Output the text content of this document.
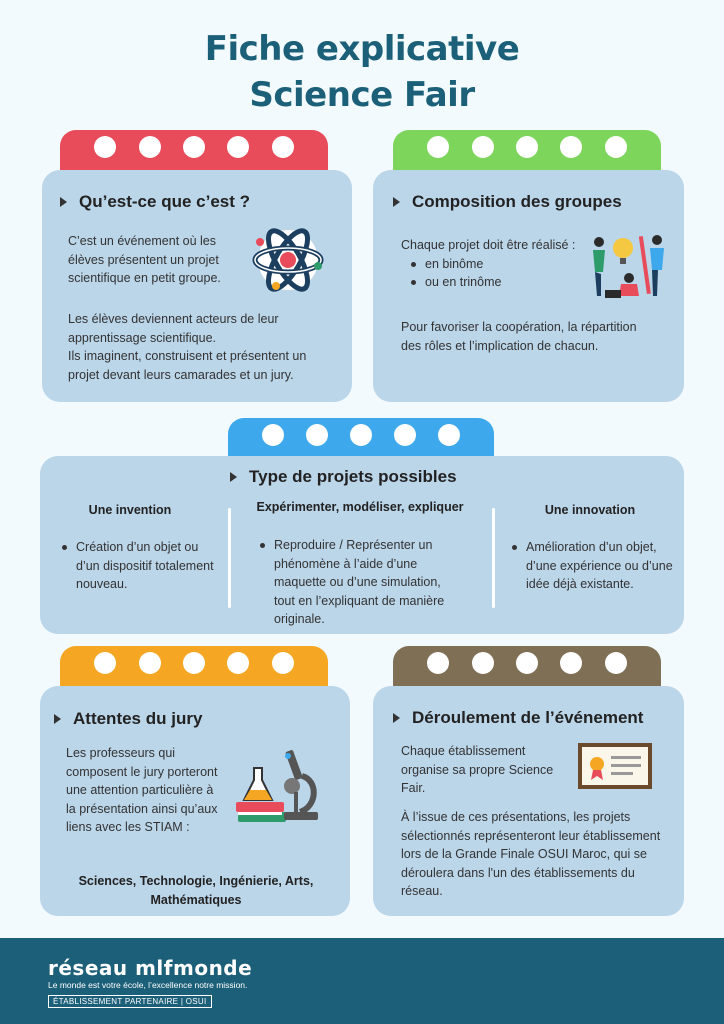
Fiche explicative
Science Fair
Qu’est-ce que c’est ?
C’est un événement où les élèves présentent un projet scientifique en petit groupe.

Les élèves deviennent acteurs de leur apprentissage scientifique.

Ils imaginent, construisent et présentent un projet devant leurs camarades et un jury.

Composition des groupes

Chaque projet doit être réalisé :

en binôme

ou en trinôme

Pour favoriser la coopération, la répartition des rôles et l’implication de chacun.
Type de projets possibles
Une invention

Création d’un objet ou d’un dispositif totalement nouveau.

Expérimenter, modéliser, expliquer

Reproduire / Représenter un phénomène à l’aide d’une maquette ou d’une simulation, tout en l’expliquant de manière originale.

Une innovation

Amélioration d’un objet, d’une expérience ou d’une idée déjà existante.

Attentes du jury
Les professeurs qui composent le jury porteront une attention particulière à la présentation ainsi qu’aux liens avec les STIAM :
Sciences, Technologie, Ingénierie, Arts, Mathématiques
Déroulement de l’événement
Chaque établissement organise sa propre Science Fair.
À l’issue de ces présentations, les projets sélectionnés représenteront leur établissement lors de la Grande Finale OSUI Maroc, qui se déroulera dans l'un des établissements du réseau.
réseau mlfmonde
Le monde est votre école, l’excellence notre mission.
ÉTABLISSEMENT PARTENAIRE | OSUI
